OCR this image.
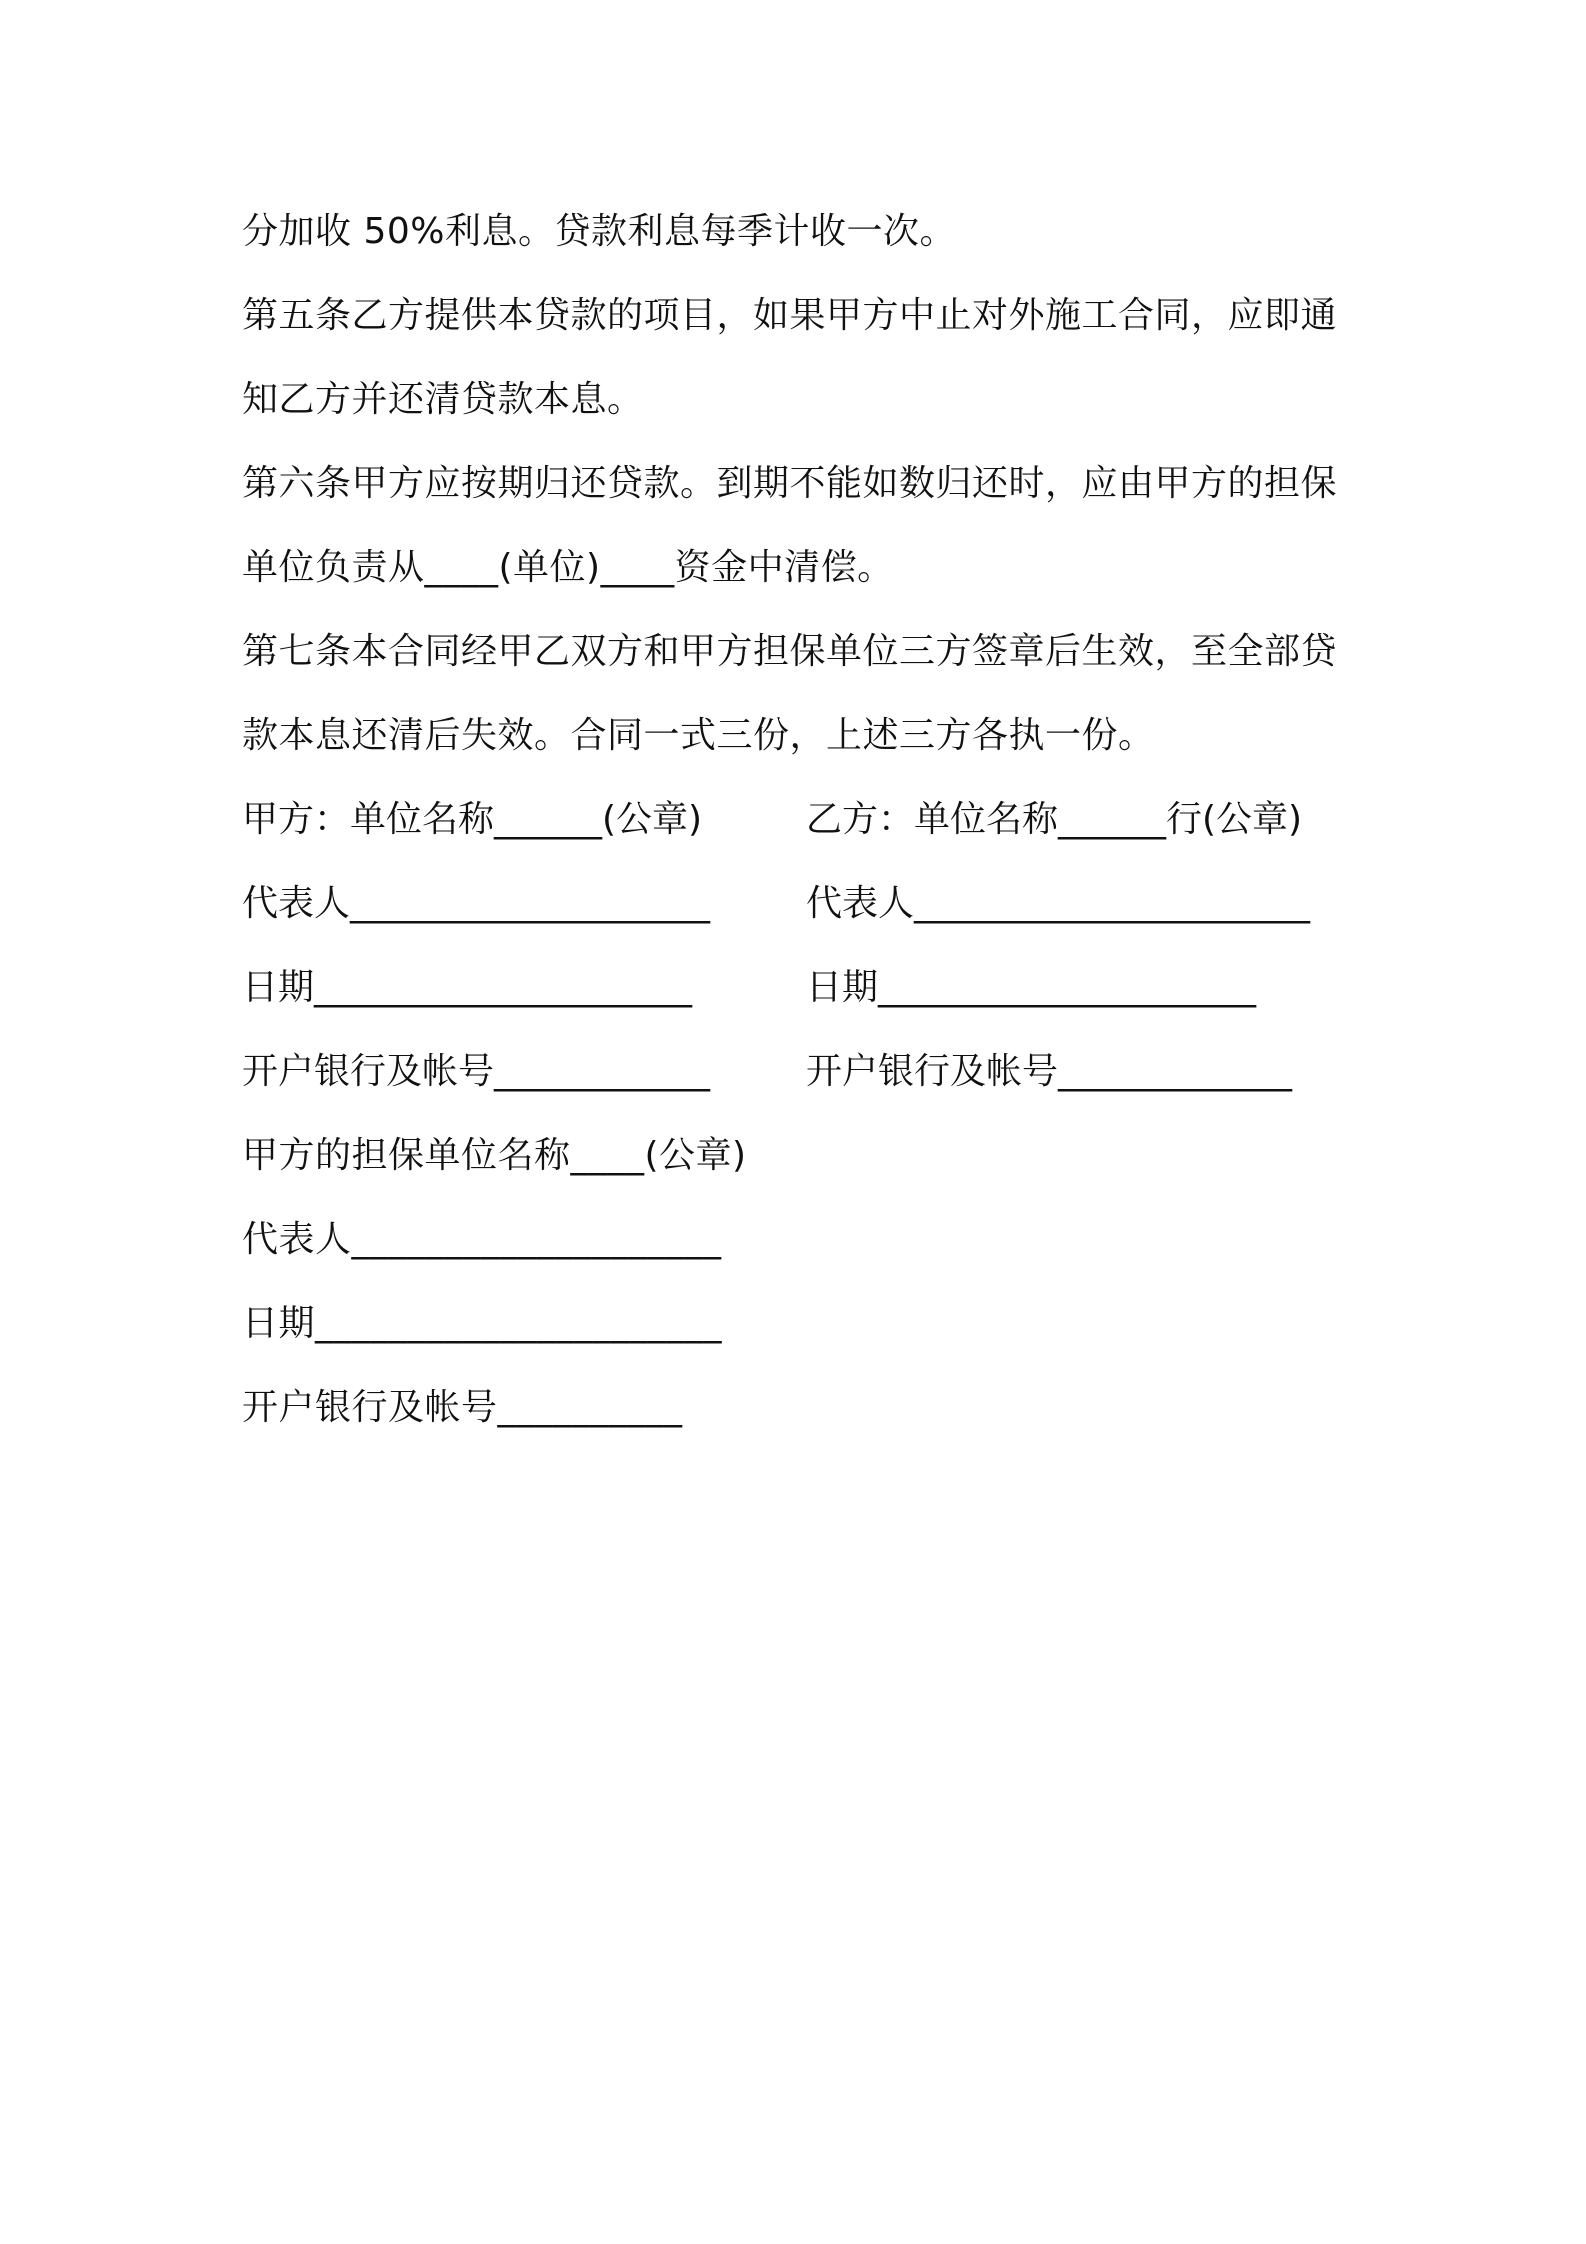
分加收 50%利息。贷款利息每季计收一次。
第五条乙方提供本贷款的项目，如果甲方中止对外施工合同，应即通
知乙方并还清贷款本息。
第六条甲方应按期归还贷款。到期不能如数归还时，应由甲方的担保
单位负责从____(单位)____资金中清偿。
第七条本合同经甲乙双方和甲方担保单位三方签章后生效，至全部贷
款本息还清后失效。合同一式三份，上述三方各执一份。
甲方：单位名称______(公章)	乙方：单位名称______行(公章)
代表人____________________	代表人______________________
日期_____________________	日期_____________________
开户银行及帐号____________	开户银行及帐号_____________
甲方的担保单位名称____(公章)
代表人____________________
日期______________________
开户银行及帐号__________
